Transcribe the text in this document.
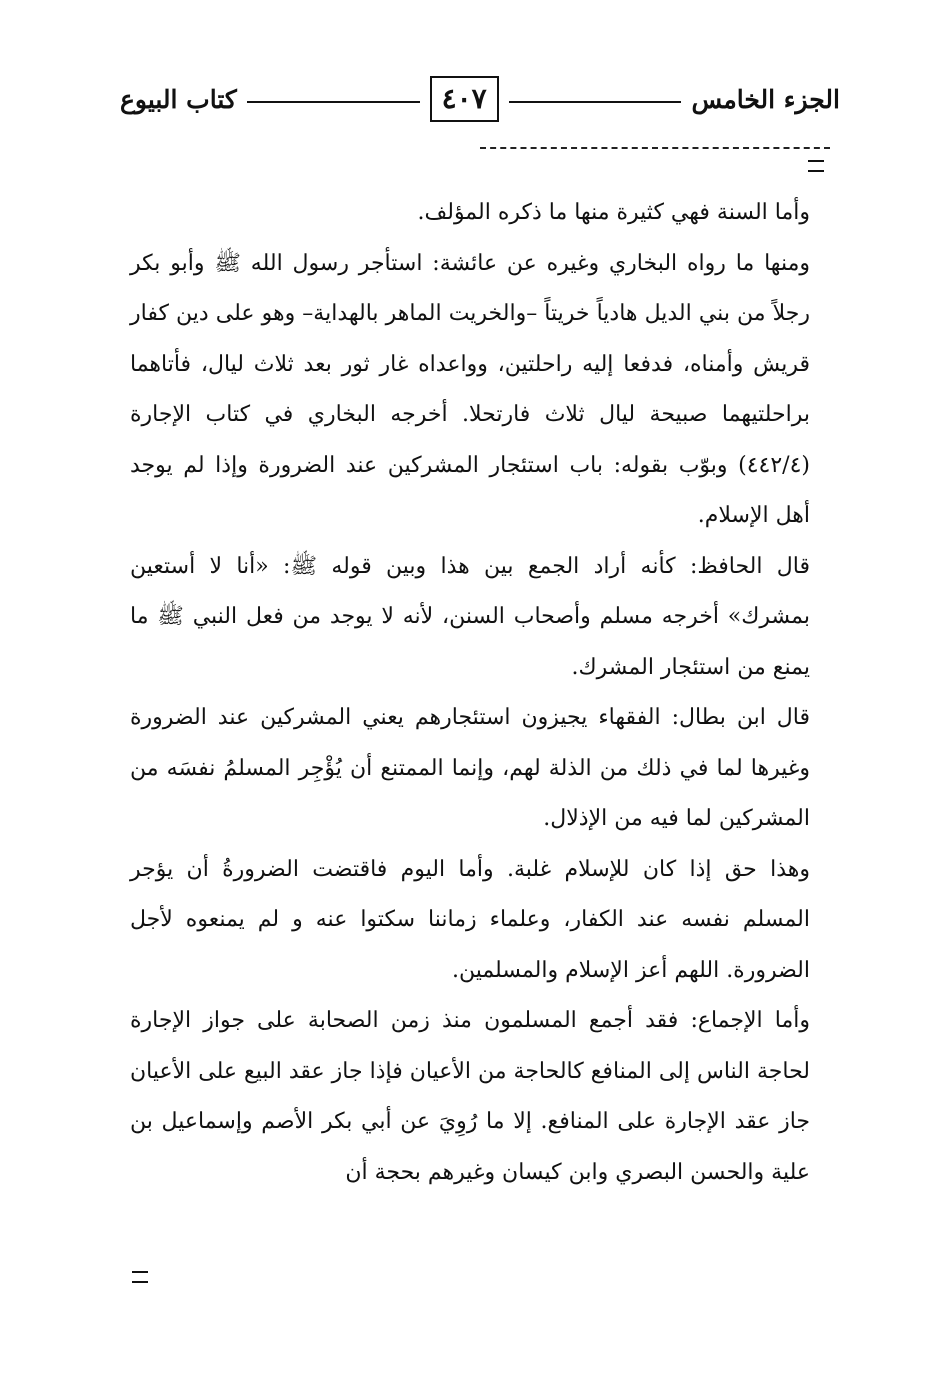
الجزء الخامس
٤٠٧
كتاب البيوع

وأما السنة فهي كثيرة منها ما ذكره المؤلف.

ومنها ما رواه البخاري وغيره عن عائشة: استأجر رسول الله ﷺ وأبو بكر رجلاً من بني الديل هادياً خريتاً –والخريت الماهر بالهداية– وهو على دين كفار قريش وأمناه، فدفعا إليه راحلتين، وواعداه غار ثور بعد ثلاث ليال، فأتاهما براحلتيهما صبيحة ليال ثلاث فارتحلا. أخرجه البخاري في كتاب الإجارة (٤٤٢/٤) وبوّب بقوله: باب استئجار المشركين عند الضرورة وإذا لم يوجد أهل الإسلام.

قال الحافظ: كأنه أراد الجمع بين هذا وبين قوله ﷺ: «أنا لا أستعين بمشرك» أخرجه مسلم وأصحاب السنن، لأنه لا يوجد من فعل النبي ﷺ ما يمنع من استئجار المشرك.

قال ابن بطال: الفقهاء يجيزون استئجارهم يعني المشركين عند الضرورة وغيرها لما في ذلك من الذلة لهم، وإنما الممتنع أن يُؤْجِر المسلمُ نفسَه من المشركين لما فيه من الإذلال.

وهذا حق إذا كان للإسلام غلبة. وأما اليوم فاقتضت الضرورةُ أن يؤجر المسلم نفسه عند الكفار، وعلماء زماننا سكتوا عنه و لم يمنعوه لأجل الضرورة. اللهم أعز الإسلام والمسلمين.

وأما الإجماع: فقد أجمع المسلمون منذ زمن الصحابة على جواز الإجارة لحاجة الناس إلى المنافع كالحاجة من الأعيان فإذا جاز عقد البيع على الأعيان جاز عقد الإجارة على المنافع. إلا ما رُوِيَ عن أبي بكر الأصم وإسماعيل بن علية والحسن البصري وابن كيسان وغيرهم بحجة أن
